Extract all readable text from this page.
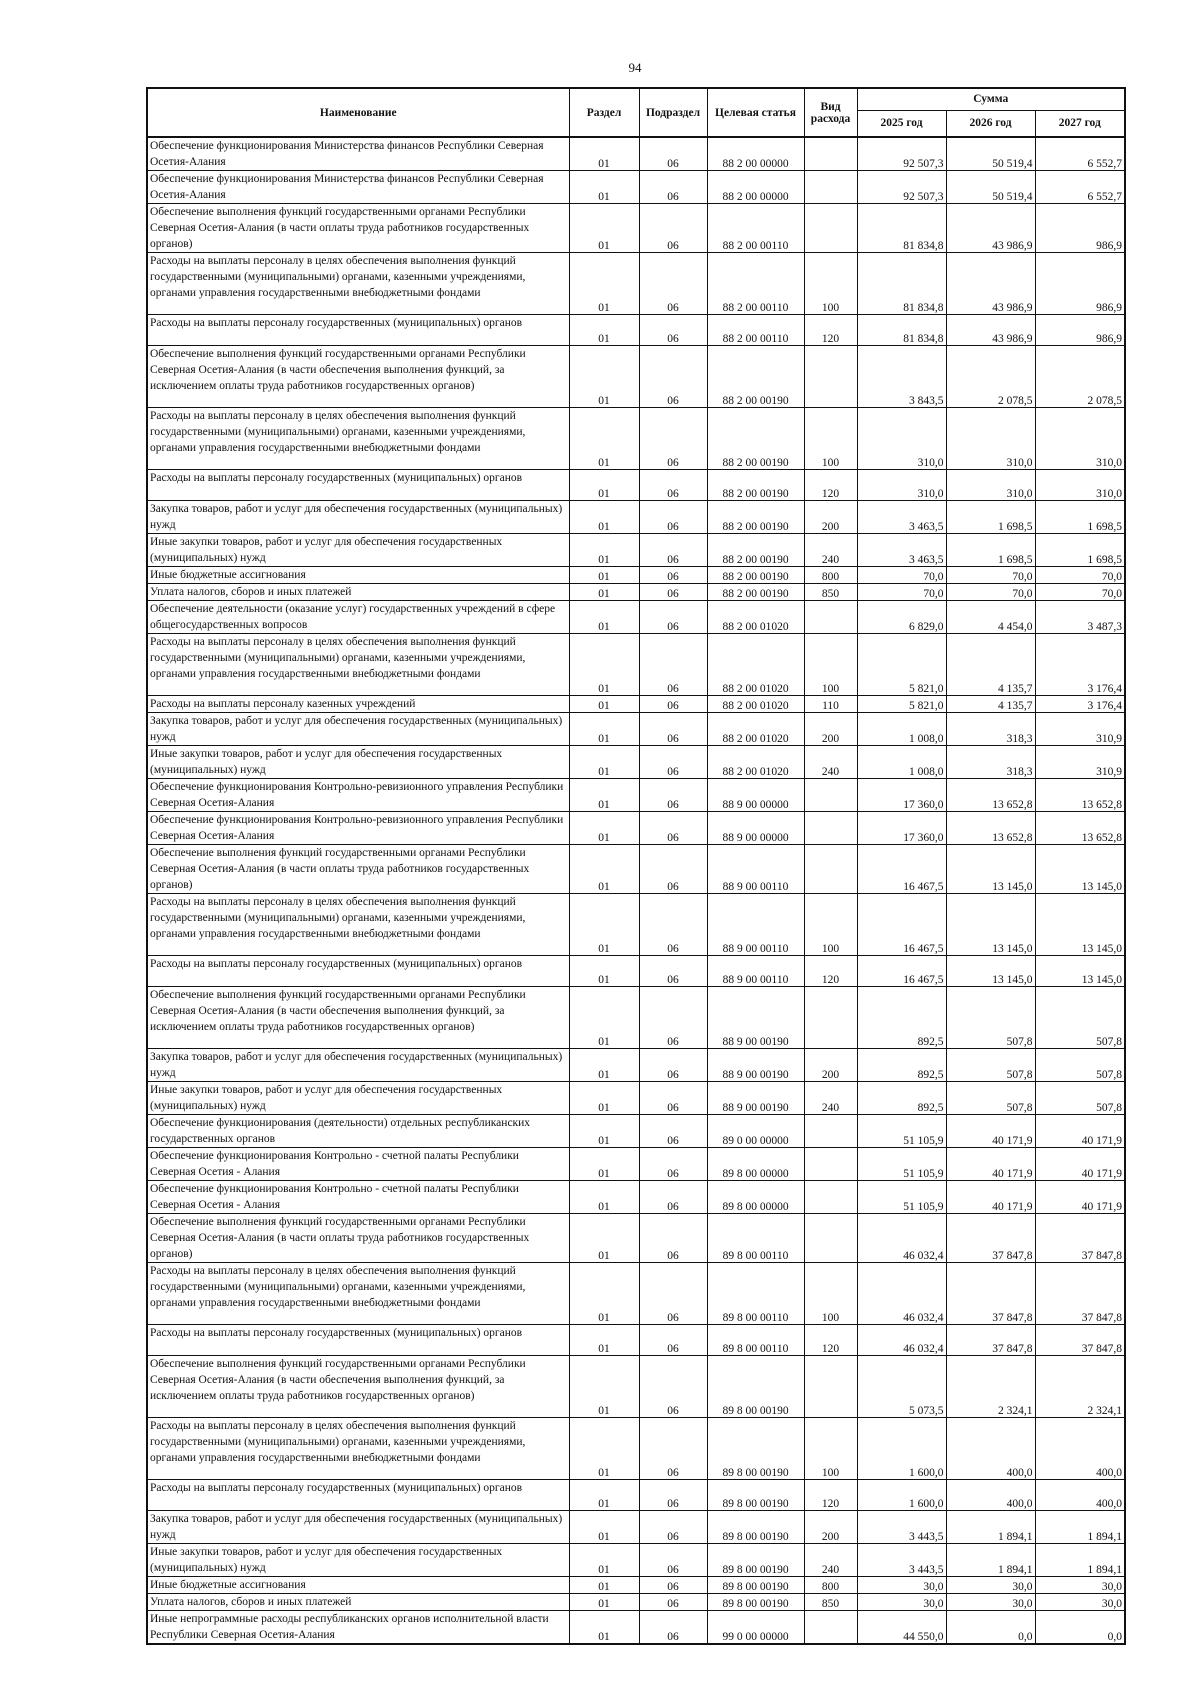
94
Наименование	Раздел	Подраздел	Целевая статья	Вид расхода	Сумма		
					2025 год	2026 год	2027 год
Обеспечение функционирования Министерства финансов Республики Северная Осетия-Алания	01	06	88 2 00 00000		92 507,3	50 519,4	6 552,7
Обеспечение функционирования Министерства финансов Республики Северная Осетия-Алания	01	06	88 2 00 00000		92 507,3	50 519,4	6 552,7
Обеспечение выполнения функций государственными органами Республики Северная Осетия-Алания (в части оплаты труда работников государственных органов)	01	06	88 2 00 00110		81 834,8	43 986,9	986,9
Расходы на выплаты персоналу в целях обеспечения выполнения функций государственными (муниципальными) органами, казенными учреждениями, органами управления государственными внебюджетными фондами	01	06	88 2 00 00110	100	81 834,8	43 986,9	986,9
Расходы на выплаты персоналу государственных (муниципальных) органов	01	06	88 2 00 00110	120	81 834,8	43 986,9	986,9
Обеспечение выполнения функций государственными органами Республики Северная Осетия-Алания (в части обеспечения выполнения функций, за исключением оплаты труда работников государственных органов)	01	06	88 2 00 00190		3 843,5	2 078,5	2 078,5
Расходы на выплаты персоналу в целях обеспечения выполнения функций государственными (муниципальными) органами, казенными учреждениями, органами управления государственными внебюджетными фондами	01	06	88 2 00 00190	100	310,0	310,0	310,0
Расходы на выплаты персоналу государственных (муниципальных) органов	01	06	88 2 00 00190	120	310,0	310,0	310,0
Закупка товаров, работ и услуг для обеспечения государственных (муниципальных) нужд	01	06	88 2 00 00190	200	3 463,5	1 698,5	1 698,5
Иные закупки товаров, работ и услуг для обеспечения государственных (муниципальных) нужд	01	06	88 2 00 00190	240	3 463,5	1 698,5	1 698,5
Иные бюджетные ассигнования	01	06	88 2 00 00190	800	70,0	70,0	70,0
Уплата налогов, сборов и иных платежей	01	06	88 2 00 00190	850	70,0	70,0	70,0
Обеспечение деятельности (оказание услуг) государственных учреждений в сфере общегосударственных вопросов	01	06	88 2 00 01020		6 829,0	4 454,0	3 487,3
Расходы на выплаты персоналу в целях обеспечения выполнения функций государственными (муниципальными) органами, казенными учреждениями, органами управления государственными внебюджетными фондами	01	06	88 2 00 01020	100	5 821,0	4 135,7	3 176,4
Расходы на выплаты персоналу казенных учреждений	01	06	88 2 00 01020	110	5 821,0	4 135,7	3 176,4
Закупка товаров, работ и услуг для обеспечения государственных (муниципальных) нужд	01	06	88 2 00 01020	200	1 008,0	318,3	310,9
Иные закупки товаров, работ и услуг для обеспечения государственных (муниципальных) нужд	01	06	88 2 00 01020	240	1 008,0	318,3	310,9
Обеспечение функционирования Контрольно-ревизионного управления Республики Северная Осетия-Алания	01	06	88 9 00 00000		17 360,0	13 652,8	13 652,8
Обеспечение функционирования Контрольно-ревизионного управления Республики Северная Осетия-Алания	01	06	88 9 00 00000		17 360,0	13 652,8	13 652,8
Обеспечение выполнения функций государственными органами Республики Северная Осетия-Алания (в части оплаты труда работников государственных органов)	01	06	88 9 00 00110		16 467,5	13 145,0	13 145,0
Расходы на выплаты персоналу в целях обеспечения выполнения функций государственными (муниципальными) органами, казенными учреждениями, органами управления государственными внебюджетными фондами	01	06	88 9 00 00110	100	16 467,5	13 145,0	13 145,0
Расходы на выплаты персоналу государственных (муниципальных) органов	01	06	88 9 00 00110	120	16 467,5	13 145,0	13 145,0
Обеспечение выполнения функций государственными органами Республики Северная Осетия-Алания (в части обеспечения выполнения функций, за исключением оплаты труда работников государственных органов)	01	06	88 9 00 00190		892,5	507,8	507,8
Закупка товаров, работ и услуг для обеспечения государственных (муниципальных) нужд	01	06	88 9 00 00190	200	892,5	507,8	507,8
Иные закупки товаров, работ и услуг для обеспечения государственных (муниципальных) нужд	01	06	88 9 00 00190	240	892,5	507,8	507,8
Обеспечение функционирования (деятельности) отдельных республиканских государственных органов	01	06	89 0 00 00000		51 105,9	40 171,9	40 171,9
Обеспечение функционирования Контрольно - счетной палаты Республики Северная Осетия - Алания	01	06	89 8 00 00000		51 105,9	40 171,9	40 171,9
Обеспечение функционирования Контрольно - счетной палаты Республики Северная Осетия - Алания	01	06	89 8 00 00000		51 105,9	40 171,9	40 171,9
Обеспечение выполнения функций государственными органами Республики Северная Осетия-Алания (в части оплаты труда работников государственных органов)	01	06	89 8 00 00110		46 032,4	37 847,8	37 847,8
Расходы на выплаты персоналу в целях обеспечения выполнения функций государственными (муниципальными) органами, казенными учреждениями, органами управления государственными внебюджетными фондами	01	06	89 8 00 00110	100	46 032,4	37 847,8	37 847,8
Расходы на выплаты персоналу государственных (муниципальных) органов	01	06	89 8 00 00110	120	46 032,4	37 847,8	37 847,8
Обеспечение выполнения функций государственными органами Республики Северная Осетия-Алания (в части обеспечения выполнения функций, за исключением оплаты труда работников государственных органов)	01	06	89 8 00 00190		5 073,5	2 324,1	2 324,1
Расходы на выплаты персоналу в целях обеспечения выполнения функций государственными (муниципальными) органами, казенными учреждениями, органами управления государственными внебюджетными фондами	01	06	89 8 00 00190	100	1 600,0	400,0	400,0
Расходы на выплаты персоналу государственных (муниципальных) органов	01	06	89 8 00 00190	120	1 600,0	400,0	400,0
Закупка товаров, работ и услуг для обеспечения государственных (муниципальных) нужд	01	06	89 8 00 00190	200	3 443,5	1 894,1	1 894,1
Иные закупки товаров, работ и услуг для обеспечения государственных (муниципальных) нужд	01	06	89 8 00 00190	240	3 443,5	1 894,1	1 894,1
Иные бюджетные ассигнования	01	06	89 8 00 00190	800	30,0	30,0	30,0
Уплата налогов, сборов и иных платежей	01	06	89 8 00 00190	850	30,0	30,0	30,0
Иные непрограммные расходы республиканских органов исполнительной власти Республики Северная Осетия-Алания	01	06	99 0 00 00000		44 550,0	0,0	0,0
